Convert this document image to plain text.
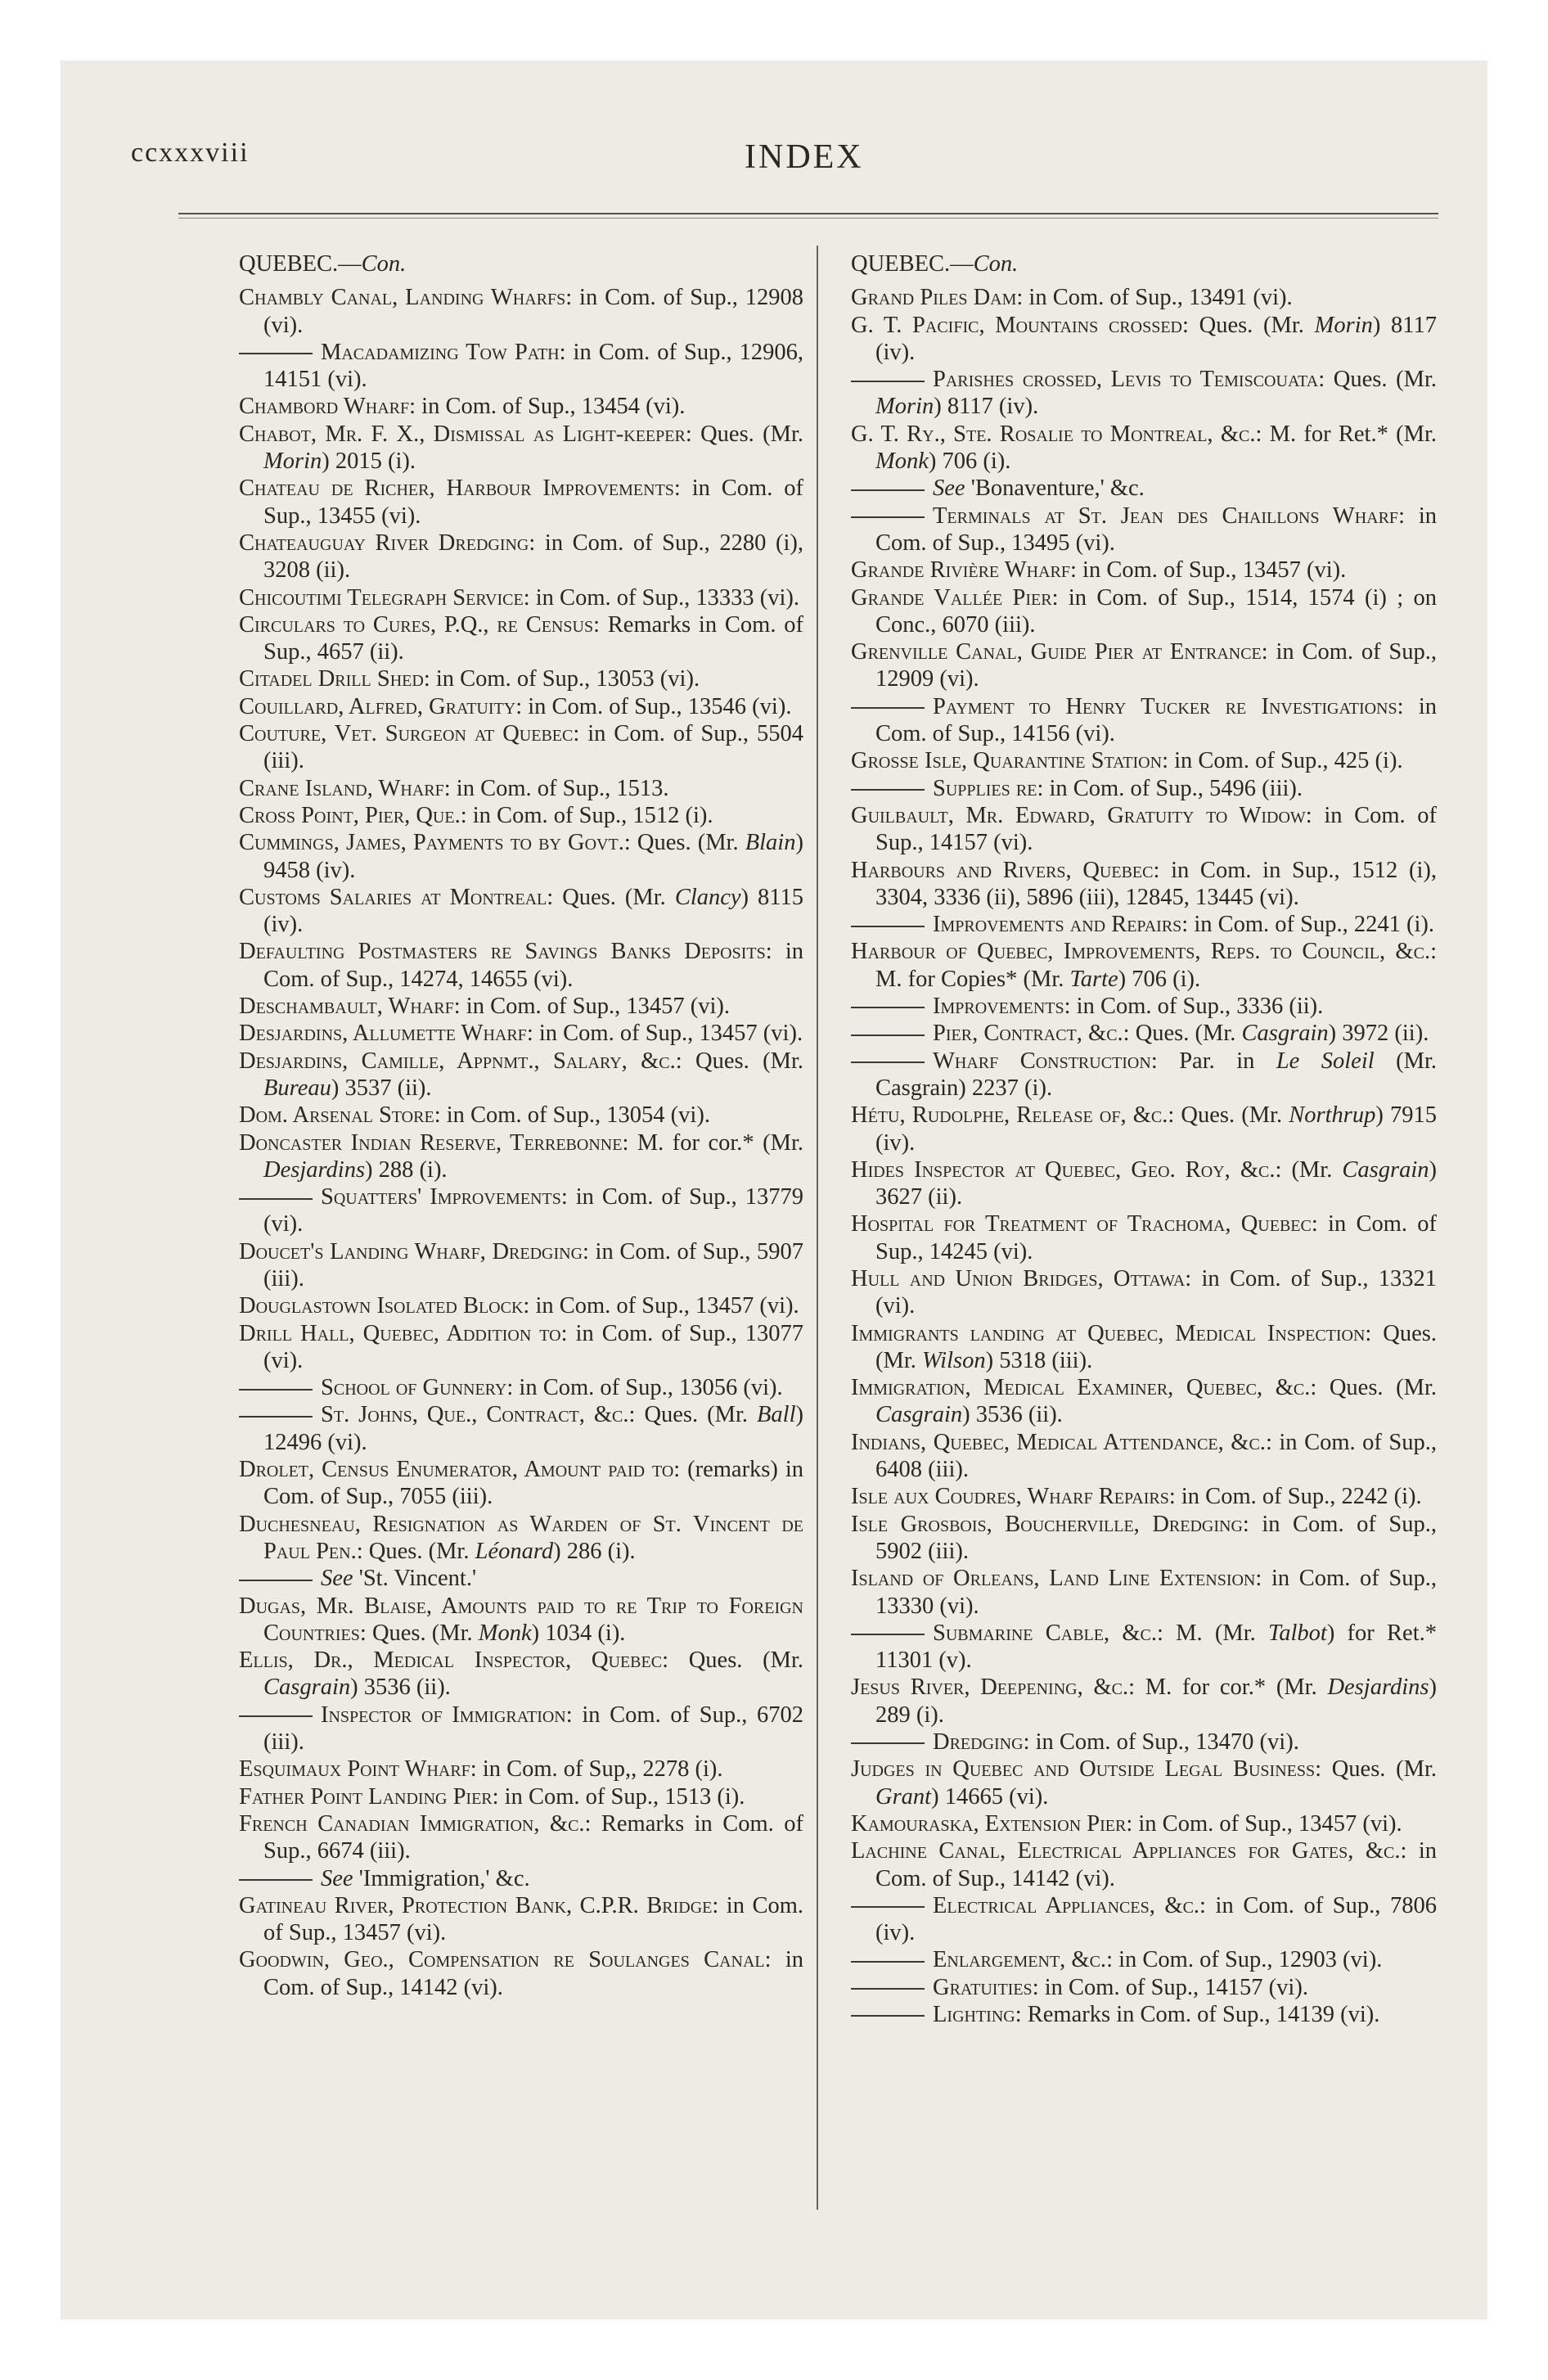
ccxxxviii	INDEX
QUEBEC.—Con.
Chambly Canal, Landing Wharfs: in Com. of Sup., 12908 (vi).
Macadamizing Tow Path: in Com. of Sup., 12906, 14151 (vi).
Chambord Wharf: in Com. of Sup., 13454 (vi).
Chabot, Mr. F. X., Dismissal as Light-keeper: Ques. (Mr. Morin) 2015 (i).
Chateau de Richer, Harbour Improvements: in Com. of Sup., 13455 (vi).
Chateauguay River Dredging: in Com. of Sup., 2280 (i), 3208 (ii).
Chicoutimi Telegraph Service: in Com. of Sup., 13333 (vi).
Circulars to Cures, P.Q., re Census: Remarks in Com. of Sup., 4657 (ii).
Citadel Drill Shed: in Com. of Sup., 13053 (vi).
Couillard, Alfred, Gratuity: in Com. of Sup., 13546 (vi).
Couture, Vet. Surgeon at Quebec: in Com. of Sup., 5504 (iii).
Crane Island, Wharf: in Com. of Sup., 1513.
Cross Point, Pier, Que.: in Com. of Sup., 1512 (i).
Cummings, James, Payments to by Govt.: Ques. (Mr. Blain) 9458 (iv).
Customs Salaries at Montreal: Ques. (Mr. Clancy) 8115 (iv).
Defaulting Postmasters re Savings Banks Deposits: in Com. of Sup., 14274, 14655 (vi).
Deschambault, Wharf: in Com. of Sup., 13457 (vi).
Desjardins, Allumette Wharf: in Com. of Sup., 13457 (vi).
Desjardins, Camille, Appnmt., Salary, &c.: Ques. (Mr. Bureau) 3537 (ii).
Dom. Arsenal Store: in Com. of Sup., 13054 (vi).
Doncaster Indian Reserve, Terrebonne: M. for cor.* (Mr. Desjardins) 288 (i).
Squatters' Improvements: in Com. of Sup., 13779 (vi).
Doucet's Landing Wharf, Dredging: in Com. of Sup., 5907 (iii).
Douglastown Isolated Block: in Com. of Sup., 13457 (vi).
Drill Hall, Quebec, Addition to: in Com. of Sup., 13077 (vi).
School of Gunnery: in Com. of Sup., 13056 (vi).
St. Johns, Que., Contract, &c.: Ques. (Mr. Ball) 12496 (vi).
Drolet, Census Enumerator, Amount paid to: (remarks) in Com. of Sup., 7055 (iii).
Duchesneau, Resignation as Warden of St. Vincent de Paul Pen.: Ques. (Mr. Léonard) 286 (i).
See 'St. Vincent.'
Dugas, Mr. Blaise, Amounts paid to re Trip to Foreign Countries: Ques. (Mr. Monk) 1034 (i).
Ellis, Dr., Medical Inspector, Quebec: Ques. (Mr. Casgrain) 3536 (ii).
Inspector of Immigration: in Com. of Sup., 6702 (iii).
Esquimaux Point Wharf: in Com. of Sup,, 2278 (i).
Father Point Landing Pier: in Com. of Sup., 1513 (i).
French Canadian Immigration, &c.: Remarks in Com. of Sup., 6674 (iii).
See 'Immigration,' &c.
Gatineau River, Protection Bank, C.P.R. Bridge: in Com. of Sup., 13457 (vi).
Goodwin, Geo., Compensation re Soulanges Canal: in Com. of Sup., 14142 (vi).
QUEBEC.—Con.
Grand Piles Dam: in Com. of Sup., 13491 (vi).
G. T. Pacific, Mountains crossed: Ques. (Mr. Morin) 8117 (iv).
Parishes crossed, Levis to Temiscouata: Ques. (Mr. Morin) 8117 (iv).
G. T. Ry., Ste. Rosalie to Montreal, &c.: M. for Ret.* (Mr. Monk) 706 (i).
See 'Bonaventure,' &c.
Terminals at St. Jean des Chaillons Wharf: in Com. of Sup., 13495 (vi).
Grande Rivière Wharf: in Com. of Sup., 13457 (vi).
Grande Vallée Pier: in Com. of Sup., 1514, 1574 (i) ; on Conc., 6070 (iii).
Grenville Canal, Guide Pier at Entrance: in Com. of Sup., 12909 (vi).
Payment to Henry Tucker re Investigations: in Com. of Sup., 14156 (vi).
Grosse Isle, Quarantine Station: in Com. of Sup., 425 (i).
Supplies re: in Com. of Sup., 5496 (iii).
Guilbault, Mr. Edward, Gratuity to Widow: in Com. of Sup., 14157 (vi).
Harbours and Rivers, Quebec: in Com. in Sup., 1512 (i), 3304, 3336 (ii), 5896 (iii), 12845, 13445 (vi).
Improvements and Repairs: in Com. of Sup., 2241 (i).
Harbour of Quebec, Improvements, Reps. to Council, &c.: M. for Copies* (Mr. Tarte) 706 (i).
Improvements: in Com. of Sup., 3336 (ii).
Pier, Contract, &c.: Ques. (Mr. Casgrain) 3972 (ii).
Wharf Construction: Par. in Le Soleil (Mr. Casgrain) 2237 (i).
Hétu, Rudolphe, Release of, &c.: Ques. (Mr. Northrup) 7915 (iv).
Hides Inspector at Quebec, Geo. Roy, &c.: (Mr. Casgrain) 3627 (ii).
Hospital for Treatment of Trachoma, Quebec: in Com. of Sup., 14245 (vi).
Hull and Union Bridges, Ottawa: in Com. of Sup., 13321 (vi).
Immigrants landing at Quebec, Medical Inspection: Ques. (Mr. Wilson) 5318 (iii).
Immigration, Medical Examiner, Quebec, &c.: Ques. (Mr. Casgrain) 3536 (ii).
Indians, Quebec, Medical Attendance, &c.: in Com. of Sup., 6408 (iii).
Isle aux Coudres, Wharf Repairs: in Com. of Sup., 2242 (i).
Isle Grosbois, Boucherville, Dredging: in Com. of Sup., 5902 (iii).
Island of Orleans, Land Line Extension: in Com. of Sup., 13330 (vi).
Submarine Cable, &c.: M. (Mr. Talbot) for Ret.* 11301 (v).
Jesus River, Deepening, &c.: M. for cor.* (Mr. Desjardins) 289 (i).
Dredging: in Com. of Sup., 13470 (vi).
Judges in Quebec and Outside Legal Business: Ques. (Mr. Grant) 14665 (vi).
Kamouraska, Extension Pier: in Com. of Sup., 13457 (vi).
Lachine Canal, Electrical Appliances for Gates, &c.: in Com. of Sup., 14142 (vi).
Electrical Appliances, &c.: in Com. of Sup., 7806 (iv).
Enlargement, &c.: in Com. of Sup., 12903 (vi).
Gratuities: in Com. of Sup., 14157 (vi).
Lighting: Remarks in Com. of Sup., 14139 (vi).
